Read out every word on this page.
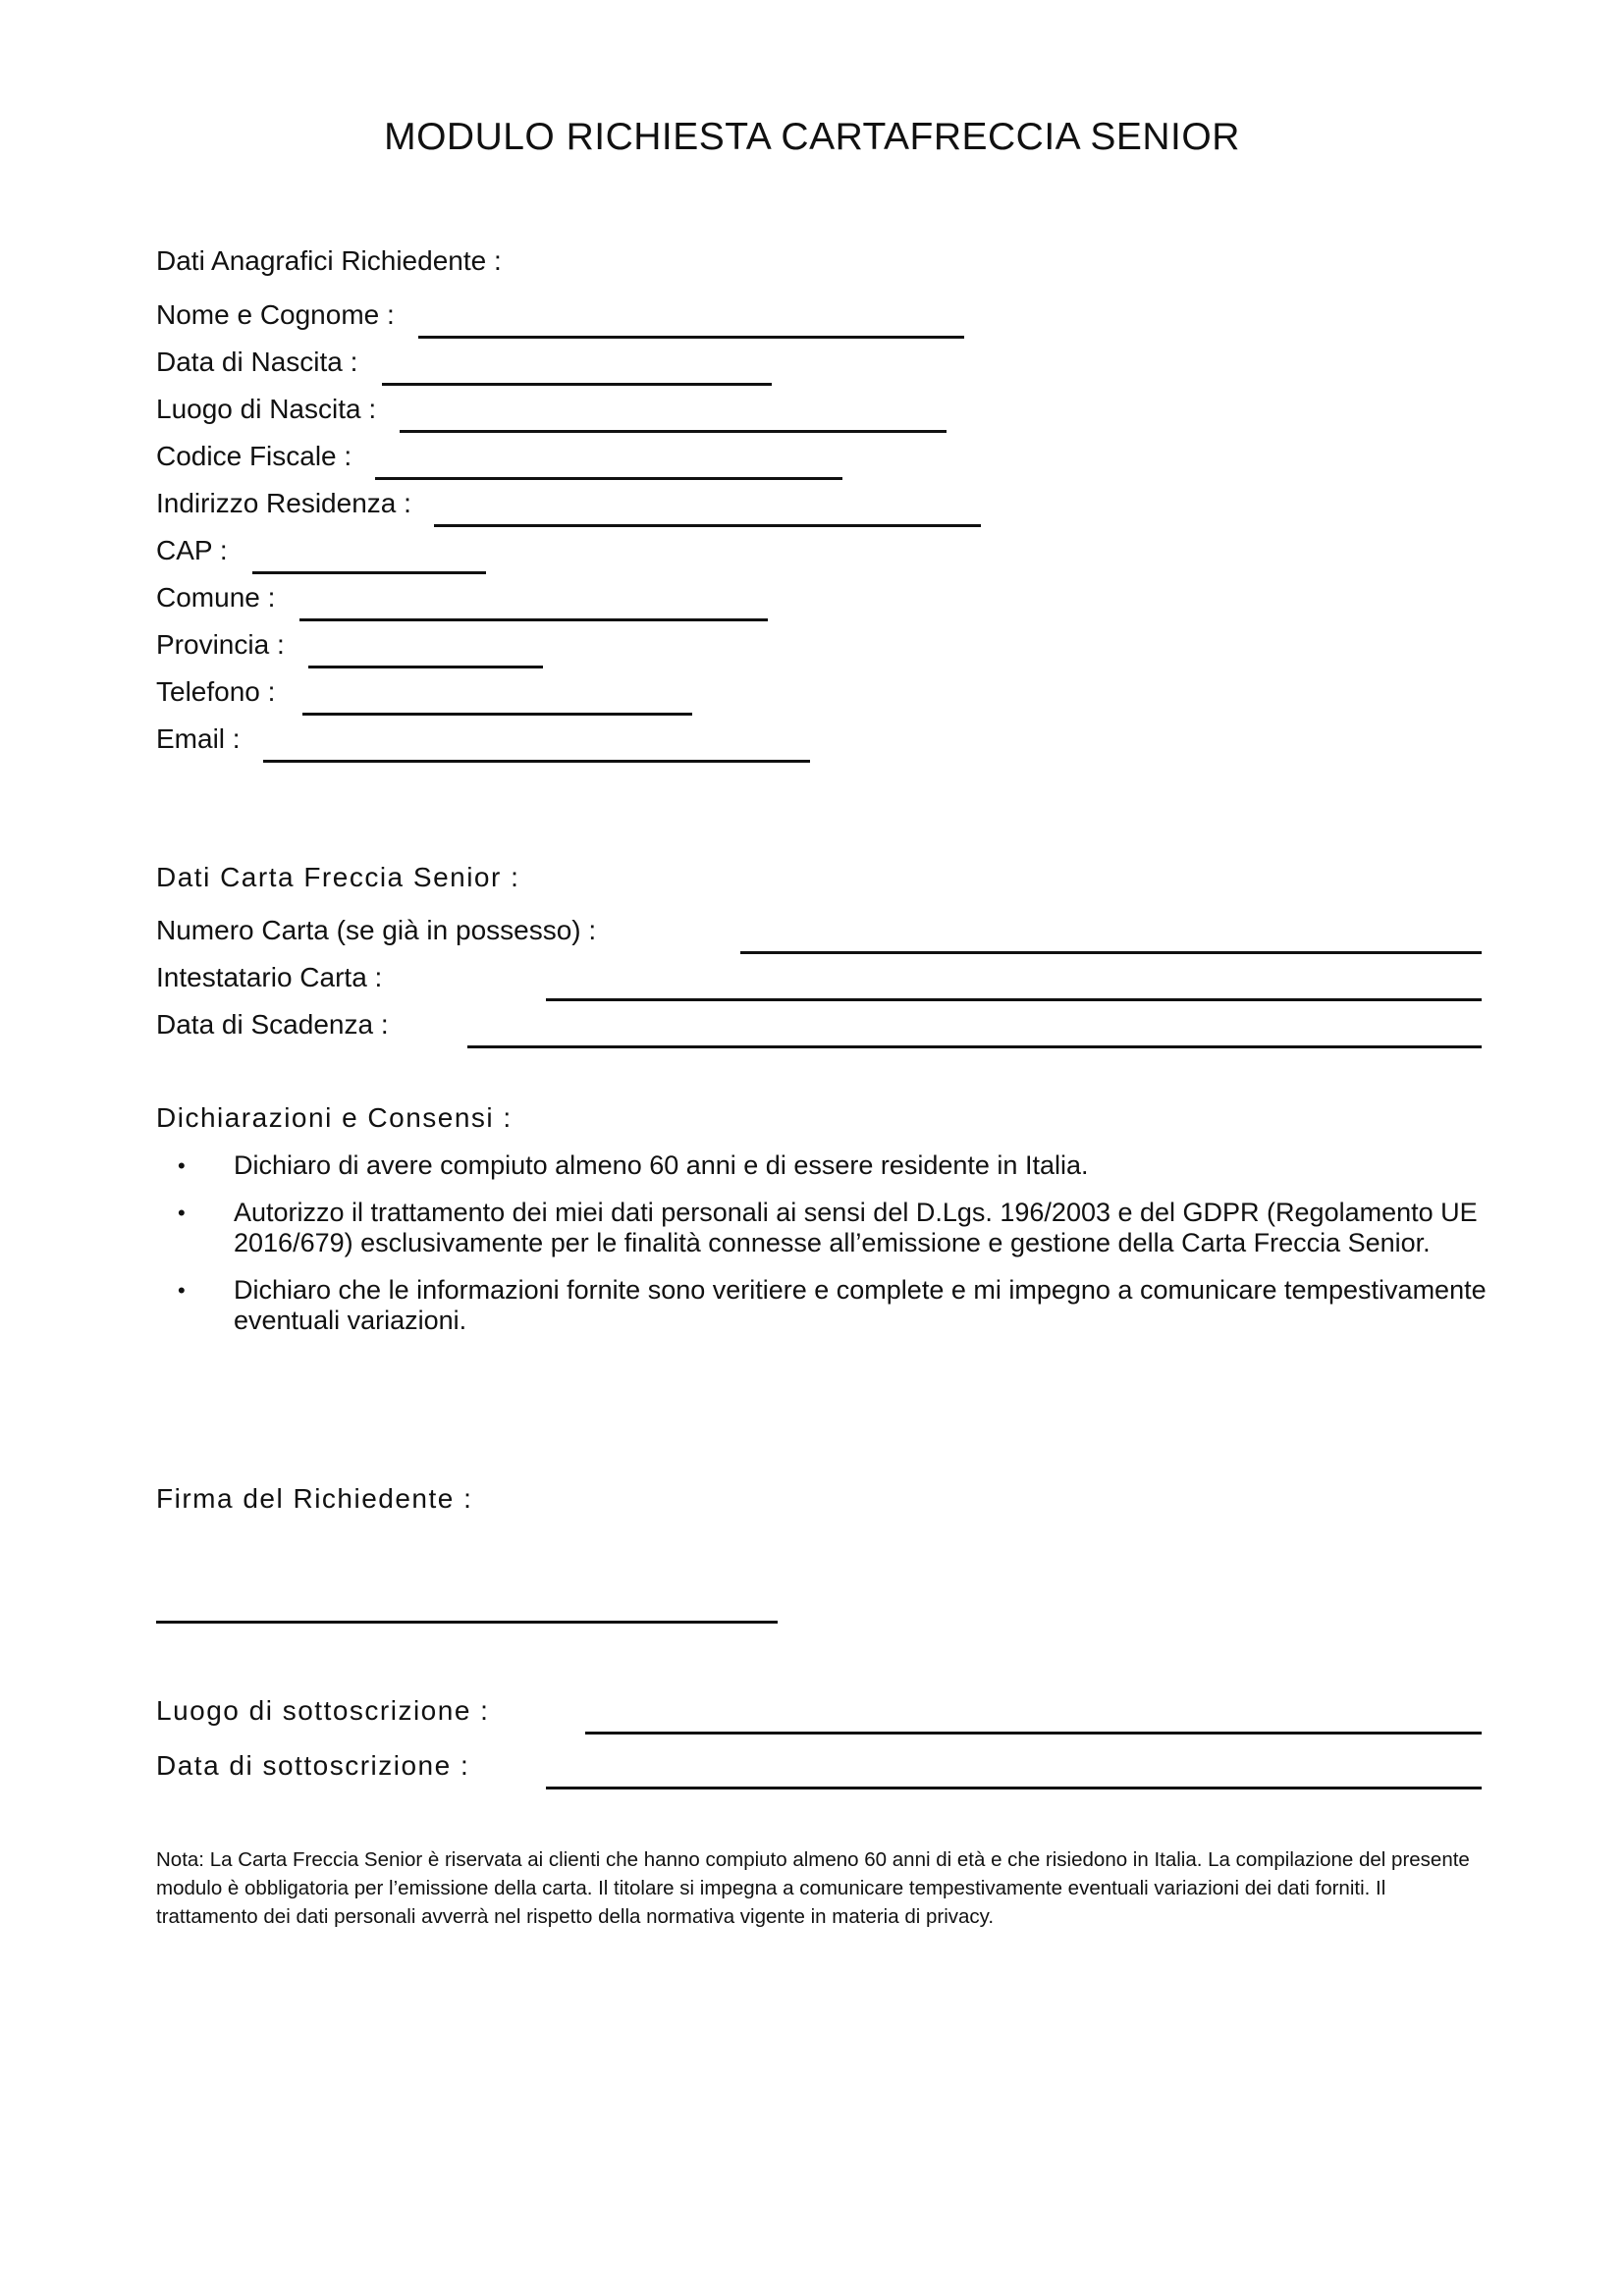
MODULO RICHIESTA CARTAFRECCIA SENIOR
Dati Anagrafici Richiedente :
Nome e Cognome :
Data di Nascita :
Luogo di Nascita :
Codice Fiscale :
Indirizzo Residenza :
CAP :
Comune :
Provincia :
Telefono :
Email :
Dati Carta Freccia Senior :
Numero Carta (se già in possesso) :
Intestatario Carta :
Data di Scadenza :
Dichiarazioni e Consensi :
• Dichiaro di avere compiuto almeno 60 anni e di essere residente in Italia.
• Autorizzo il trattamento dei miei dati personali ai sensi del D.Lgs. 196/2003 e del GDPR (Regolamento UE 2016/679) esclusivamente per le finalità connesse all’emissione e gestione della Carta Freccia Senior.
• Dichiaro che le informazioni fornite sono veritiere e complete e mi impegno a comunicare tempestivamente eventuali variazioni.
Firma del Richiedente :
Luogo di sottoscrizione :
Data di sottoscrizione :
Nota: La Carta Freccia Senior è riservata ai clienti che hanno compiuto almeno 60 anni di età e che risiedono in Italia. La compilazione del presente modulo è obbligatoria per l’emissione della carta. Il titolare si impegna a comunicare tempestivamente eventuali variazioni dei dati forniti. Il trattamento dei dati personali avverrà nel rispetto della normativa vigente in materia di privacy.
